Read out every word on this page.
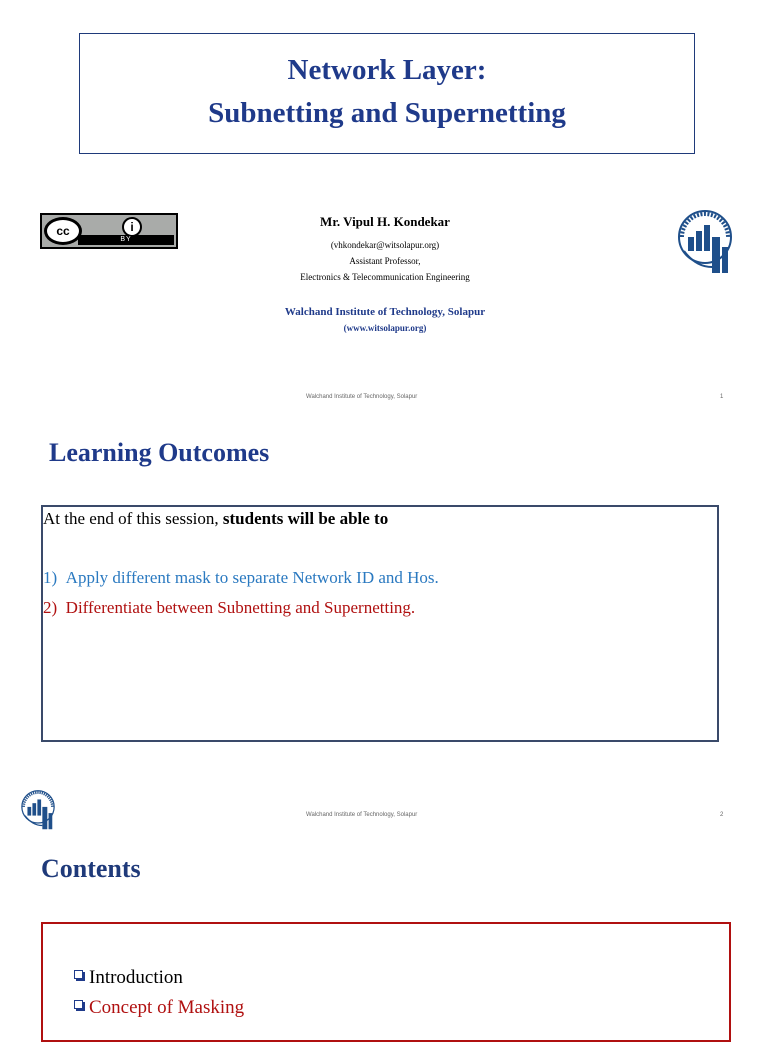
Network Layer:
Subnetting and Supernetting
cc	i
BY
Mr. Vipul H. Kondekar
(vhkondekar@witsolapur.org)
Assistant Professor,
Electronics & Telecommunication Engineering
Walchand Institute of Technology, Solapur
(www.witsolapur.org)
Walchand Institute of Technology, Solapur	1
Learning Outcomes
At the end of this session, students will be able to
1) Apply different mask to separate Network ID and Hos.
2) Differentiate between Subnetting and Supernetting.
Walchand Institute of Technology, Solapur	2
Contents
Introduction
Concept of Masking
